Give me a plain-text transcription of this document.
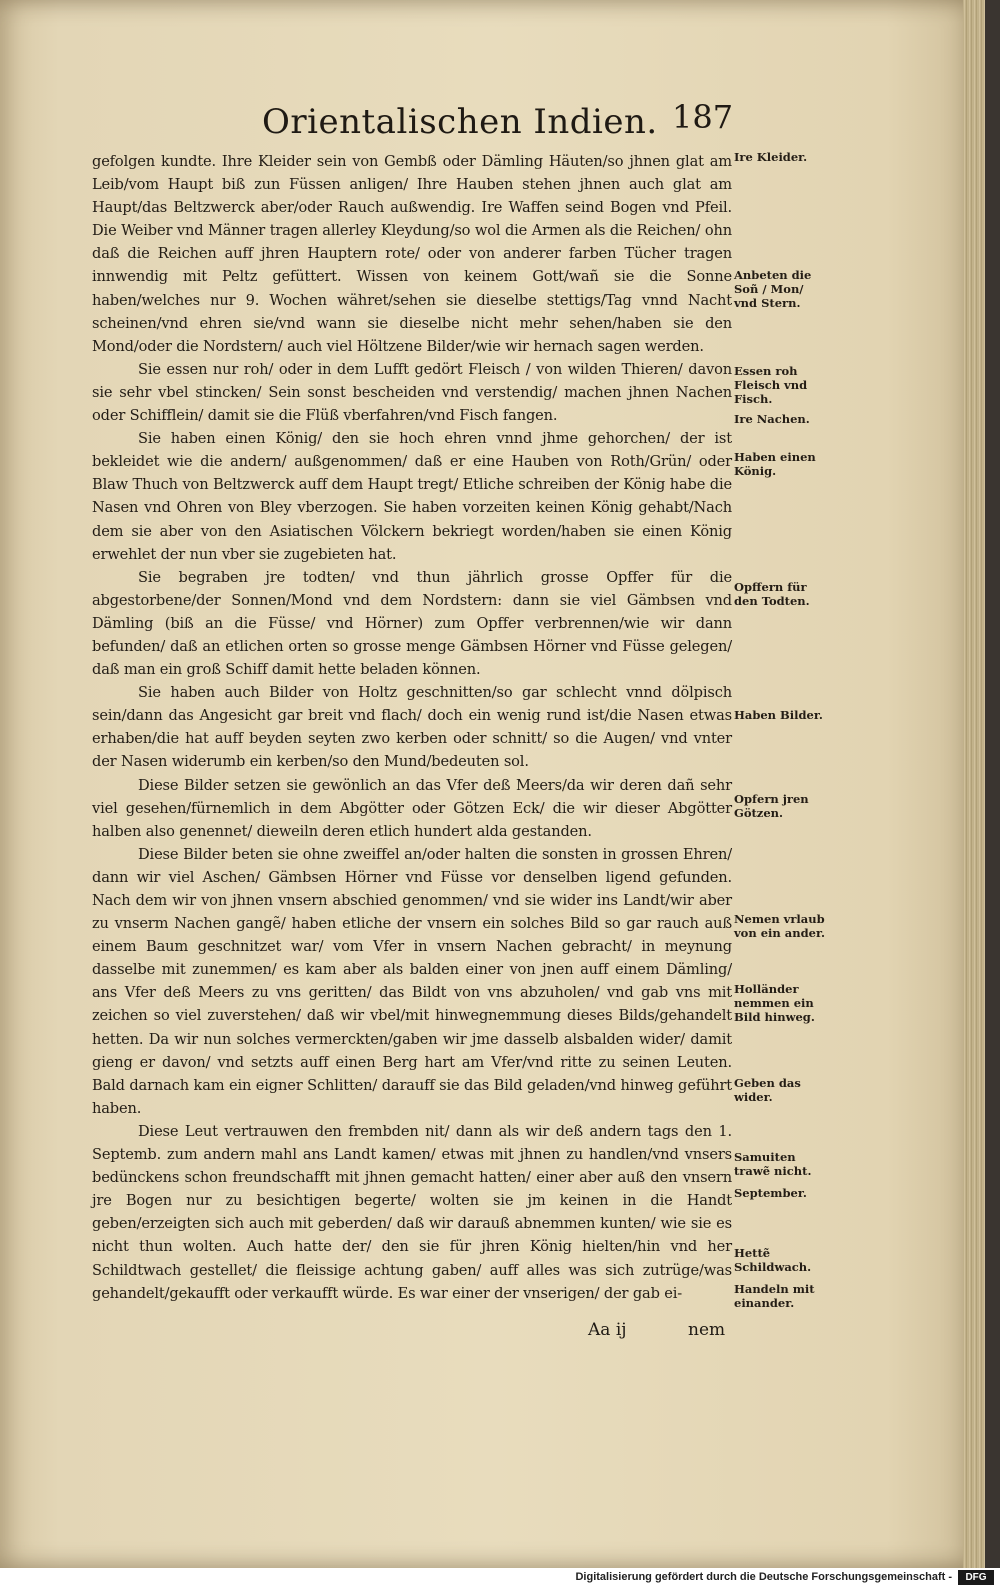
Orientalischen Indien. 187

gefolgen kundte. Ihre Kleider sein von Gembß oder Dämling Häuten/so jhnen glat am Leib/vom Haupt biß zun Füssen anligen/ Ihre Hauben stehen jhnen auch glat am Haupt/das Beltzwerck aber/oder Rauch außwendig. Ire Waffen seind Bogen vnd Pfeil. Die Weiber vnd Männer tragen allerley Kleydung/so wol die Armen als die Reichen/ ohn daß die Reichen auff jhren Hauptern rote/ oder von anderer farben Tücher tragen innwendig mit Peltz gefüttert. Wissen von keinem Gott/wañ sie die Sonne haben/welches nur 9. Wochen währet/sehen sie dieselbe stettigs/Tag vnnd Nacht scheinen/vnd ehren sie/vnd wann sie dieselbe nicht mehr sehen/haben sie den Mond/oder die Nordstern/ auch viel Höltzene Bilder/wie wir hernach sagen werden.

Sie essen nur roh/ oder in dem Lufft gedört Fleisch / von wilden Thieren/ davon sie sehr vbel stincken/ Sein sonst bescheiden vnd verstendig/ machen jhnen Nachen oder Schifflein/ damit sie die Flüß vberfahren/vnd Fisch fangen.

Sie haben einen König/ den sie hoch ehren vnnd jhme gehorchen/ der ist bekleidet wie die andern/ außgenommen/ daß er eine Hauben von Roth/Grün/ oder Blaw Thuch von Beltzwerck auff dem Haupt tregt/ Etliche schreiben der König habe die Nasen vnd Ohren von Bley vberzogen. Sie haben vorzeiten keinen König gehabt/Nach dem sie aber von den Asiatischen Völckern bekriegt worden/haben sie einen König erwehlet der nun vber sie zugebieten hat.

Sie begraben jre todten/ vnd thun jährlich grosse Opffer für die abgestorbene/der Sonnen/Mond vnd dem Nordstern: dann sie viel Gämbsen vnd Dämling (biß an die Füsse/ vnd Hörner) zum Opffer verbrennen/wie wir dann befunden/ daß an etlichen orten so grosse menge Gämbsen Hörner vnd Füsse gelegen/ daß man ein groß Schiff damit hette beladen können.

Sie haben auch Bilder von Holtz geschnitten/so gar schlecht vnnd dölpisch sein/dann das Angesicht gar breit vnd flach/ doch ein wenig rund ist/die Nasen etwas erhaben/die hat auff beyden seyten zwo kerben oder schnitt/ so die Augen/ vnd vnter der Nasen widerumb ein kerben/so den Mund/bedeuten sol.

Diese Bilder setzen sie gewönlich an das Vfer deß Meers/da wir deren dañ sehr viel gesehen/fürnemlich in dem Abgötter oder Götzen Eck/ die wir dieser Abgötter halben also genennet/ dieweiln deren etlich hundert alda gestanden.

Diese Bilder beten sie ohne zweiffel an/oder halten die sonsten in grossen Ehren/ dann wir viel Aschen/ Gämbsen Hörner vnd Füsse vor denselben ligend gefunden. Nach dem wir von jhnen vnsern abschied genommen/ vnd sie wider ins Landt/wir aber zu vnserm Nachen gangẽ/ haben etliche der vnsern ein solches Bild so gar rauch auß einem Baum geschnitzet war/ vom Vfer in vnsern Nachen gebracht/ in meynung dasselbe mit zunemmen/ es kam aber als balden einer von jnen auff einem Dämling/ ans Vfer deß Meers zu vns geritten/ das Bildt von vns abzuholen/ vnd gab vns mit zeichen so viel zuverstehen/ daß wir vbel/mit hinwegnemmung dieses Bilds/gehandelt hetten. Da wir nun solches vermerckten/gaben wir jme dasselb alsbalden wider/ damit gieng er davon/ vnd setzts auff einen Berg hart am Vfer/vnd ritte zu seinen Leuten. Bald darnach kam ein eigner Schlitten/ darauff sie das Bild geladen/vnd hinweg geführt haben.

Diese Leut vertrauwen den frembden nit/ dann als wir deß andern tags den 1. Septemb. zum andern mahl ans Landt kamen/ etwas mit jhnen zu handlen/vnd vnsers bedünckens schon freundschafft mit jhnen gemacht hatten/ einer aber auß den vnsern jre Bogen nur zu besichtigen begerte/ wolten sie jm keinen in die Handt geben/erzeigten sich auch mit geberden/ daß wir darauß abnemmen kunten/ wie sie es nicht thun wolten. Auch hatte der/ den sie für jhren König hielten/hin vnd her Schildtwach gestellet/ die fleissige achtung gaben/ auff alles was sich zutrüge/was gehandelt/gekaufft oder verkaufft würde. Es war einer der vnserigen/ der gab ei-

Ire Kleider.
Anbeten die Soñ / Mon/ vnd Stern.
Essen roh Fleisch vnd Fisch.
Ire Nachen.
Haben einen König.
Opffern für den Todten.
Haben Bilder.
Opfern jren Götzen.
Nemen vrlaub von ein ander.
Holländer nemmen ein Bild hinweg.
Geben das wider.
Samuiten trawẽ nicht.
September.
Hettẽ Schildwach.
Handeln mit einander.
Aa ij	nem
Digitalisierung gefördert durch die Deutsche Forschungsgemeinschaft -	DFG
